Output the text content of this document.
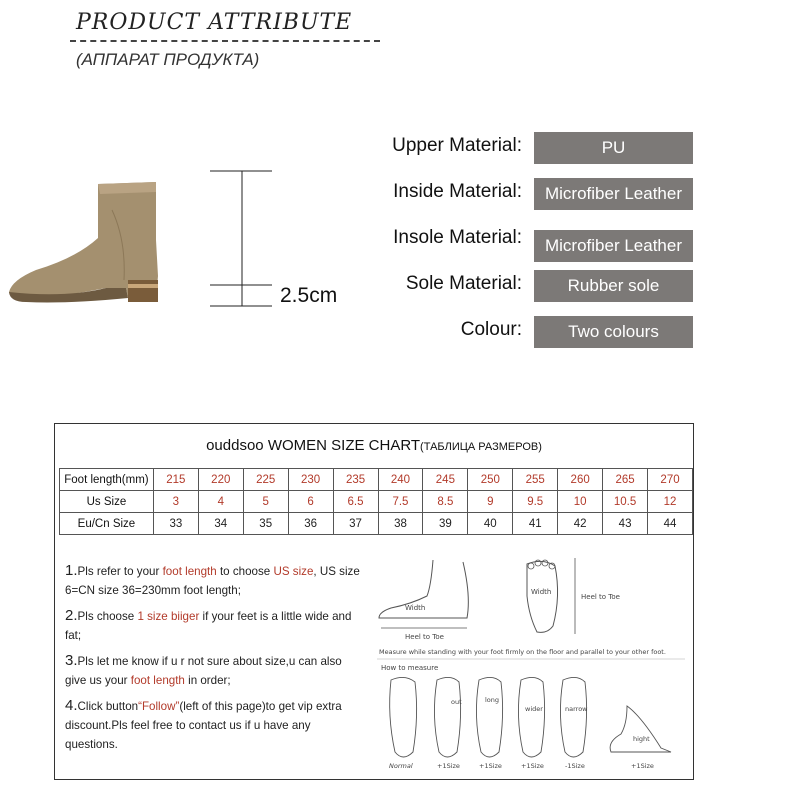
PRODUCT ATTRIBUTE
(АППАРАТ ПРОДУКТА)
2.5cm
Upper Material:	PU
Inside Material:	Microfiber Leather
Insole Material:	Microfiber Leather
Sole Material:	Rubber sole
Colour:	Two colours
ouddsoo WOMEN SIZE CHART(ТАБЛИЦА РАЗМЕРОВ)
Foot length(mm)	215	220	225	230	235	240	245	250	255	260	265	270
Us Size	3	4	5	6	6.5	7.5	8.5	9	9.5	10	10.5	12
Eu/Cn Size	33	34	35	36	37	38	39	40	41	42	43	44
1.Pls refer to your foot length to choose US size, US size 6=CN size 36=230mm foot length;
2.Pls choose 1 size biiger if your feet is a little wide and fat;
3.Pls let me know if u r not sure about size,u can also give us your foot length in order;
4.Click button“Follow”(left of this page)to get vip extra discount.Pls feel free to contact us if u have any questions.
Width
Heel to Toe
Width
Heel to Toe
Measure while standing with your foot firmly on the floor and parallel to your other foot.
How to measure
out	long
wider	narrow
hight
Normal	+1Size	+1Size	+1Size	-1Size	+1Size
